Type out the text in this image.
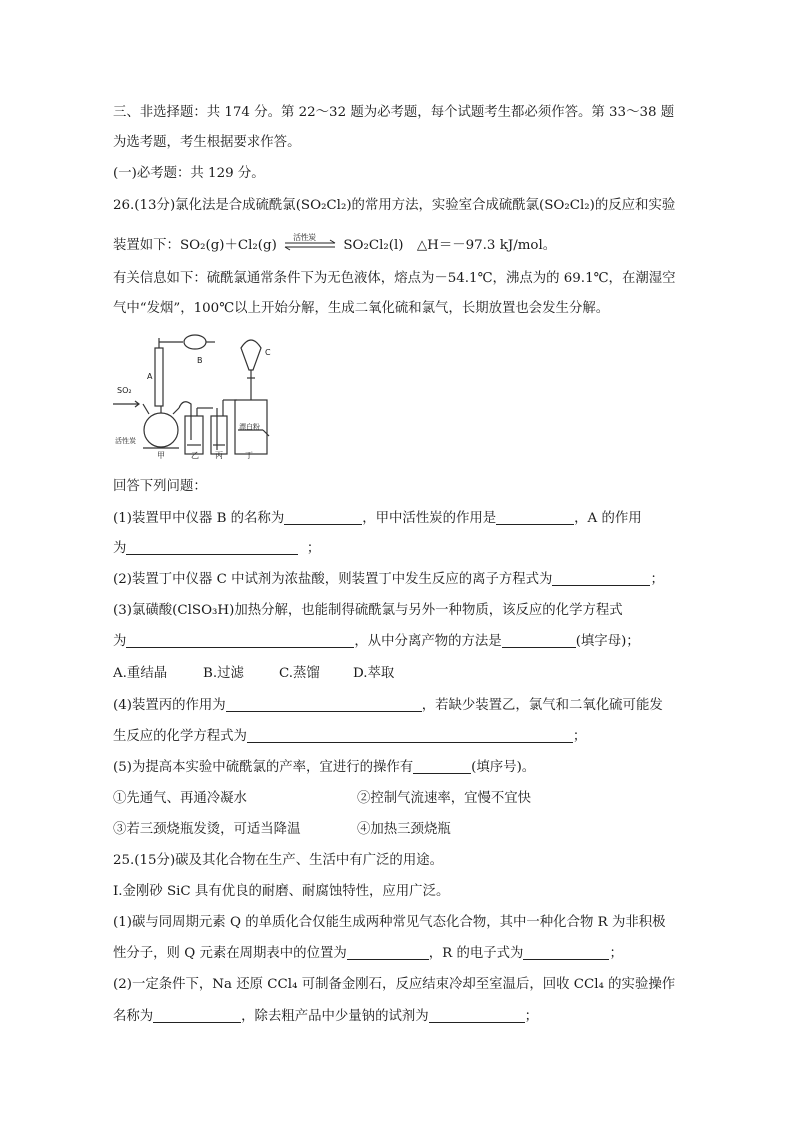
三、非选择题：共 174 分。第 22～32 题为必考题，每个试题考生都必须作答。第 33～38 题
为选考题，考生根据要求作答。
(一)必考题：共 129 分。
26.(13分)氯化法是合成硫酰氯(SO₂Cl₂)的常用方法，实验室合成硫酰氯(SO₂Cl₂)的反应和实验
装置如下：SO₂(g)＋Cl₂(g)
活性炭
SO₂Cl₂(l)　△H＝－97.3 kJ/mol。
有关信息如下：硫酰氯通常条件下为无色液体，熔点为－54.1℃，沸点为的 69.1℃，在潮湿空
气中“发烟”，100℃以上开始分解，生成二氧化硫和氯气，长期放置也会发生分解。
SO₂
A
B
C
活性炭
漂白粉
甲	乙 丙	丁
回答下列问题：
(1)装置甲中仪器 B 的名称为	，甲中活性炭的作用是	，A 的作用
为	；
(2)装置丁中仪器 C 中试剂为浓盐酸，则装置丁中发生反应的离子方程式为	；
(3)氯磺酸(ClSO₃H)加热分解，也能制得硫酰氯与另外一种物质，该反应的化学方程式
为	，从中分离产物的方法是	(填字母)；
A.重结晶	B.过滤	C.蒸馏 D.萃取
(4)装置丙的作用为	，若缺少装置乙，氯气和二氧化硫可能发
生反应的化学方程式为	；
(5)为提高本实验中硫酰氯的产率，宜进行的操作有	(填序号)。
①先通气、再通冷凝水	②控制气流速率，宜慢不宜快
③若三颈烧瓶发烫，可适当降温	④加热三颈烧瓶
25.(15分)碳及其化合物在生产、生活中有广泛的用途。
I.金刚砂 SiC 具有优良的耐磨、耐腐蚀特性，应用广泛。
(1)碳与同周期元素 Q 的单质化合仅能生成两种常见气态化合物，其中一种化合物 R 为非积极
性分子，则 Q 元素在周期表中的位置为	，R 的电子式为	；
(2)一定条件下，Na 还原 CCl₄ 可制备金刚石，反应结束冷却至室温后，回收 CCl₄ 的实验操作
名称为	，除去粗产品中少量钠的试剂为	；
